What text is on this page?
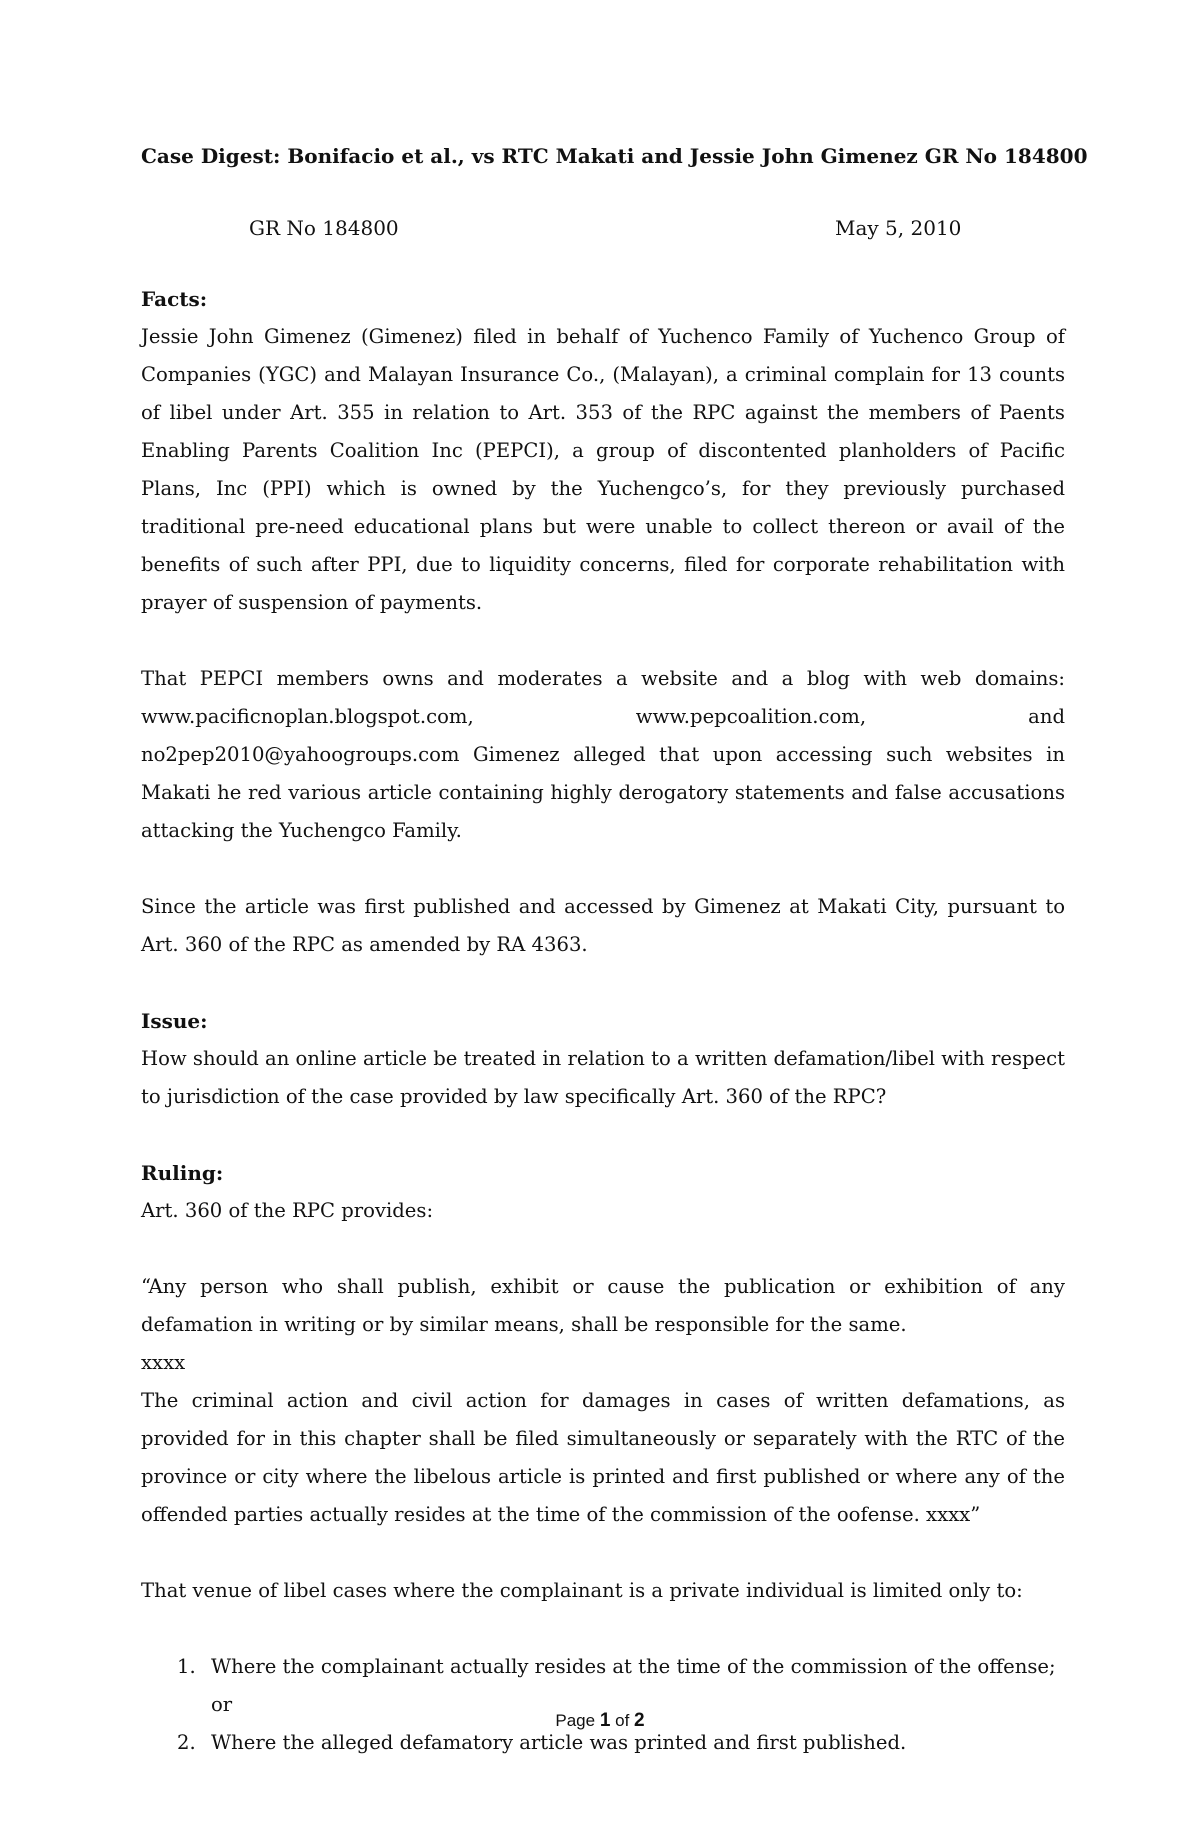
Case Digest: Bonifacio et al., vs RTC Makati and Jessie John Gimenez GR No 184800

GR No 184800	May 5, 2010

Facts:

Jessie John Gimenez (Gimenez) filed in behalf of Yuchenco Family of Yuchenco Group of Companies (YGC) and Malayan Insurance Co., (Malayan), a criminal complain for 13 counts of libel under Art. 355 in relation to Art. 353 of the RPC against the members of Paents Enabling Parents Coalition Inc (PEPCI), a group of discontented planholders of Pacific Plans, Inc (PPI) which is owned by the Yuchengco’s, for they previously purchased traditional pre-need educational plans but were unable to collect thereon or avail of the benefits of such after PPI, due to liquidity concerns, filed for corporate rehabilitation with prayer of suspension of payments.

That PEPCI members owns and moderates a website and a blog with web domains: www.pacificnoplan.blogspot.com, www.pepcoalition.com, and no2pep2010@yahoogroups.com Gimenez alleged that upon accessing such websites in Makati he red various article containing highly derogatory statements and false accusations attacking the Yuchengco Family.

Since the article was first published and accessed by Gimenez at Makati City, pursuant to Art. 360 of the RPC as amended by RA 4363.

Issue:

How should an online article be treated in relation to a written defamation/libel with respect to jurisdiction of the case provided by law specifically Art. 360 of the RPC?

Ruling:

Art. 360 of the RPC provides:

“Any person who shall publish, exhibit or cause the publication or exhibition of any defamation in writing or by similar means, shall be responsible for the same.

xxxx

The criminal action and civil action for damages in cases of written defamations, as provided for in this chapter shall be filed simultaneously or separately with the RTC of the province or city where the libelous article is printed and first published or where any of the offended parties actually resides at the time of the commission of the oofense. xxxx”

That venue of libel cases where the complainant is a private individual is limited only to:

1. Where the complainant actually resides at the time of the commission of the offense; or
2. Where the alleged defamatory article was printed and first published.
Page 1 of 2
